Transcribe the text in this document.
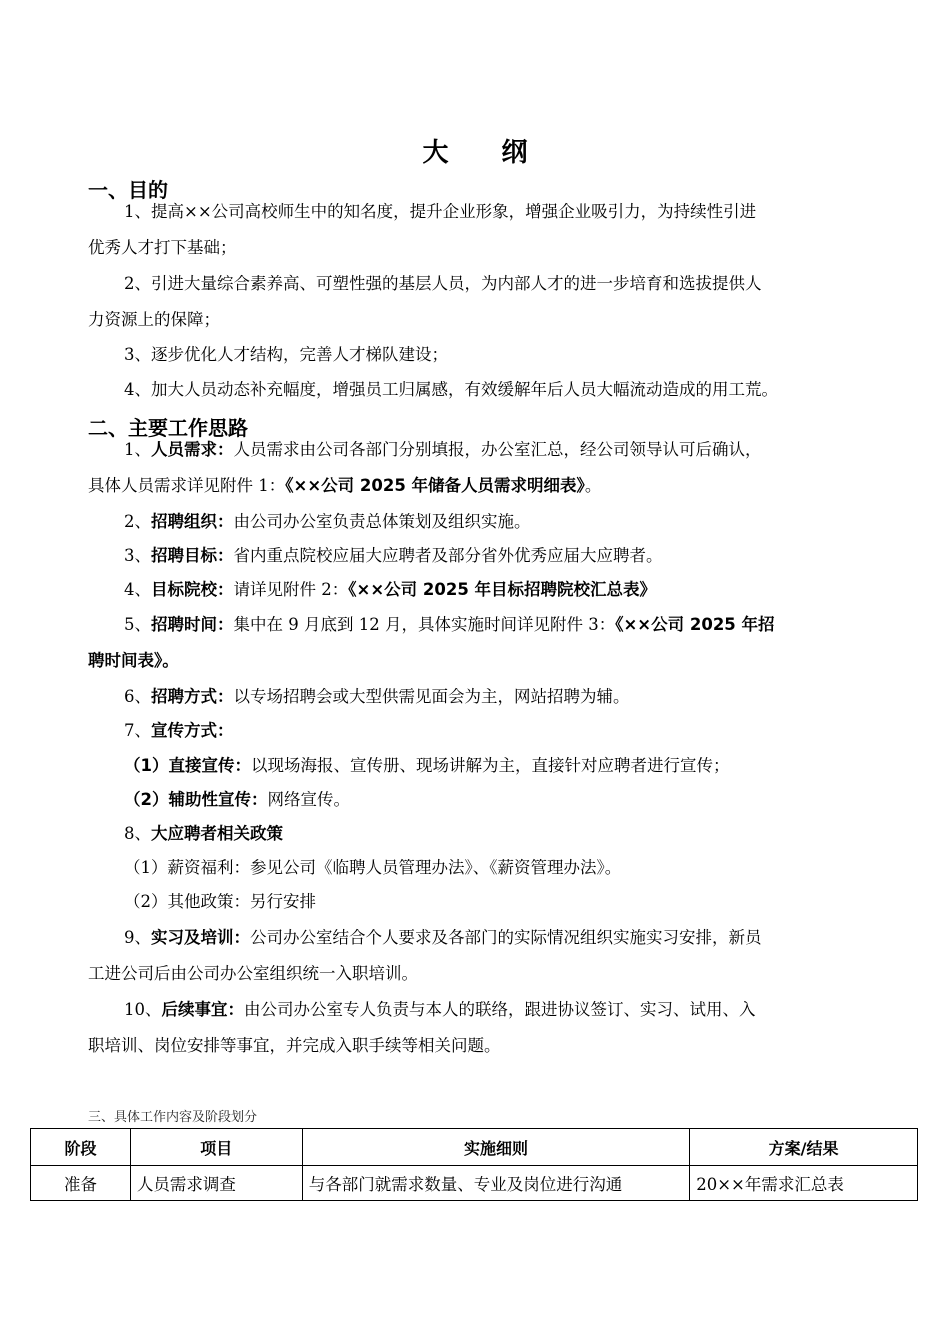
大 纲
一、目的
1、提高××公司高校师生中的知名度，提升企业形象，增强企业吸引力，为持续性引进
优秀人才打下基础；
2、引进大量综合素养高、可塑性强的基层人员，为内部人才的进一步培育和选拔提供人
力资源上的保障；
3、逐步优化人才结构，完善人才梯队建设；
4、加大人员动态补充幅度，增强员工归属感，有效缓解年后人员大幅流动造成的用工荒。
二、主要工作思路
1、人员需求：人员需求由公司各部门分别填报，办公室汇总，经公司领导认可后确认，
具体人员需求详见附件 1：《××公司 2025 年储备人员需求明细表》。
2、招聘组织：由公司办公室负责总体策划及组织实施。
3、招聘目标：省内重点院校应届大应聘者及部分省外优秀应届大应聘者。
4、目标院校：请详见附件 2：《××公司 2025 年目标招聘院校汇总表》
5、招聘时间：集中在 9 月底到 12 月，具体实施时间详见附件 3：《××公司 2025 年招
聘时间表》。
6、招聘方式：以专场招聘会或大型供需见面会为主，网站招聘为辅。
7、宣传方式：
（1）直接宣传：以现场海报、宣传册、现场讲解为主，直接针对应聘者进行宣传；
（2）辅助性宣传：网络宣传。
8、大应聘者相关政策
（1）薪资福利：参见公司《临聘人员管理办法》、《薪资管理办法》。
（2）其他政策：另行安排
9、实习及培训：公司办公室结合个人要求及各部门的实际情况组织实施实习安排，新员
工进公司后由公司办公室组织统一入职培训。
10、后续事宜：由公司办公室专人负责与本人的联络，跟进协议签订、实习、试用、入
职培训、岗位安排等事宜，并完成入职手续等相关问题。
三、具体工作内容及阶段划分
阶段	项目	实施细则	方案/结果
准备	人员需求调查	与各部门就需求数量、专业及岗位进行沟通	20××年需求汇总表
